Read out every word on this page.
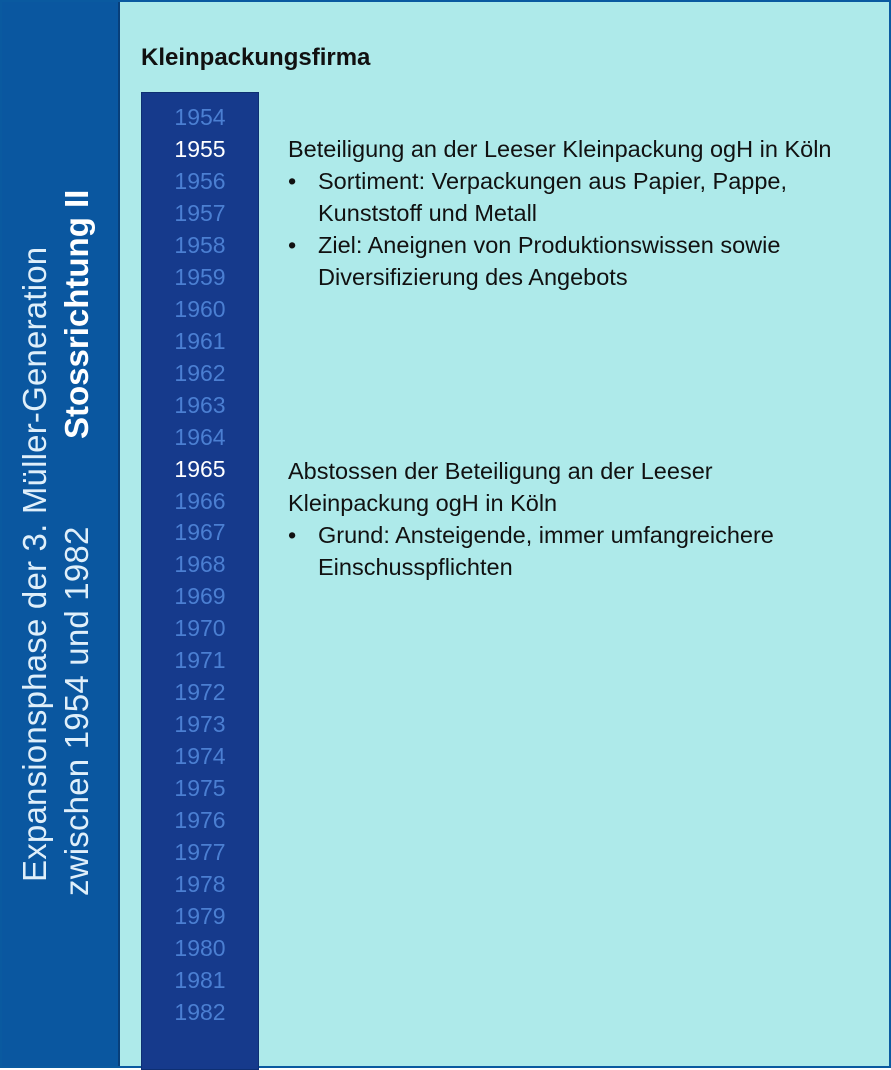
Expansionsphase der 3. Müller-Generation zwischen 1954 und 1982
Stossrichtung II
Kleinpackungsfirma
1954
1955
1956
1957
1958
1959
1960
1961
1962
1963
1964
1965
1966
1967
1968
1969
1970
1971
1972
1973
1974
1975
1976
1977
1978
1979
1980
1981
1982
Beteiligung an der Leeser Kleinpackung ogH in Köln
• Sortiment: Verpackungen aus Papier, Pappe, Kunststoff und Metall
• Ziel: Aneignen von Produktionswissen sowie Diversifizierung des Angebots
Abstossen der Beteiligung an der Leeser Kleinpackung ogH in Köln
• Grund: Ansteigende, immer umfangreichere Einschusspflichten
